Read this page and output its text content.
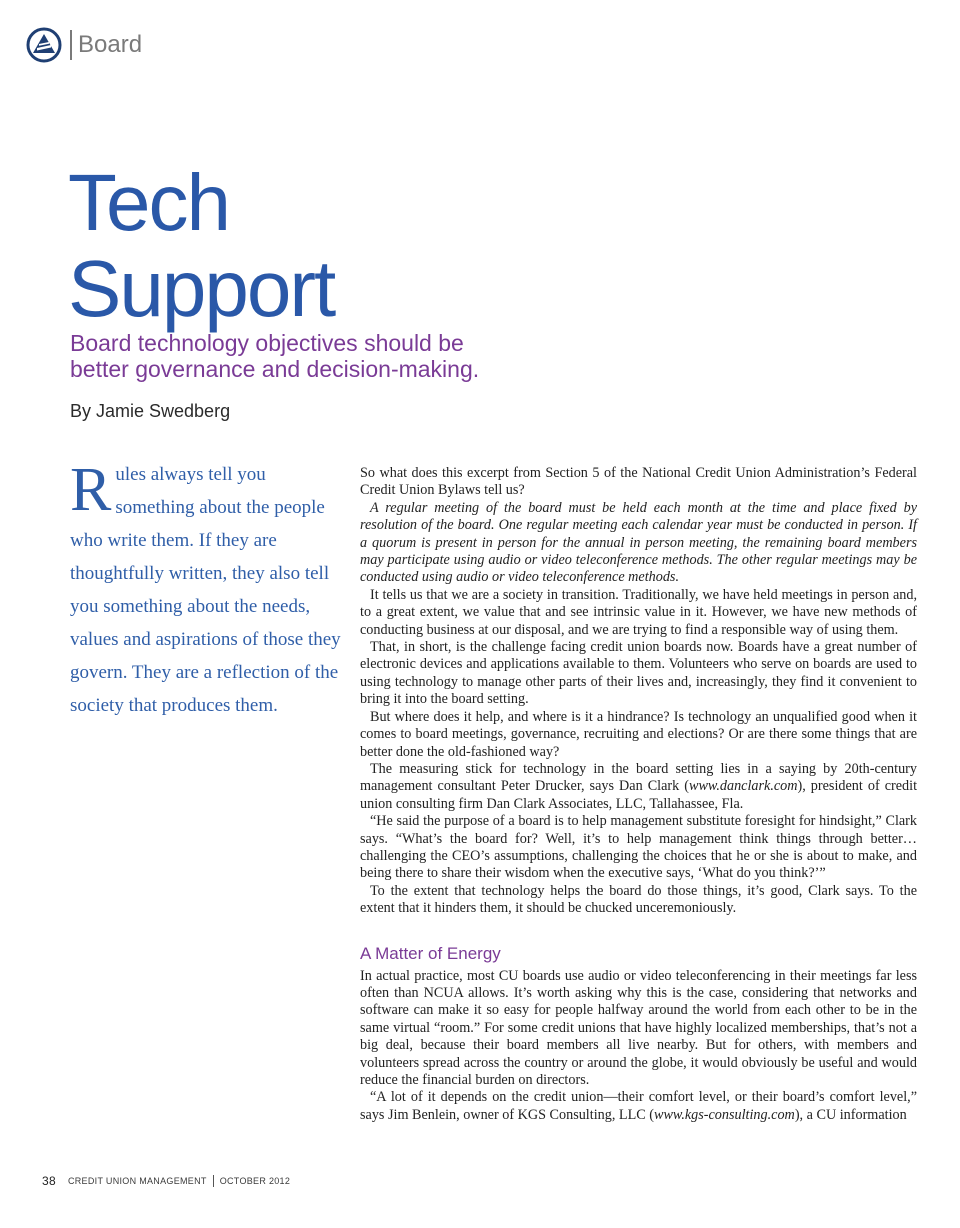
Board
Tech
Support
Board technology objectives should be
better governance and decision-making.

By Jamie Swedberg

Rules always tell you something about the people who write them. If they are thoughtfully written, they also tell you something about the needs, values and aspirations of those they govern. They are a reflection of the society that produces them.

So what does this excerpt from Section 5 of the National Credit Union Administration’s Federal Credit Union Bylaws tell us?

A regular meeting of the board must be held each month at the time and place fixed by resolution of the board. One regular meeting each calendar year must be conducted in person. If a quorum is present in person for the annual in person meeting, the remaining board members may participate using audio or video teleconference methods. The other regular meetings may be conducted using audio or video teleconference methods.

It tells us that we are a society in transition. Traditionally, we have held meetings in person and, to a great extent, we value that and see intrinsic value in it. However, we have new methods of conducting business at our disposal, and we are trying to find a responsible way of using them.

That, in short, is the challenge facing credit union boards now. Boards have a great number of electronic devices and applications available to them. Volunteers who serve on boards are used to using technology to manage other parts of their lives and, increasingly, they find it convenient to bring it into the board setting.

But where does it help, and where is it a hindrance? Is technology an unqualified good when it comes to board meetings, governance, recruiting and elections? Or are there some things that are better done the old-fashioned way?

The measuring stick for technology in the board setting lies in a saying by 20th-century management consultant Peter Drucker, says Dan Clark (www.danclark.com), president of credit union consulting firm Dan Clark Associates, LLC, Tallahassee, Fla.

“He said the purpose of a board is to help management substitute foresight for hindsight,” Clark says. “What’s the board for? Well, it’s to help management think things through better… challenging the CEO’s assumptions, challenging the choices that he or she is about to make, and being there to share their wisdom when the executive says, ‘What do you think?’”

To the extent that technology helps the board do those things, it’s good, Clark says. To the extent that it hinders them, it should be chucked unceremoniously.

A Matter of Energy

In actual practice, most CU boards use audio or video teleconferencing in their meetings far less often than NCUA allows. It’s worth asking why this is the case, considering that networks and software can make it so easy for people halfway around the world from each other to be in the same virtual “room.” For some credit unions that have highly localized memberships, that’s not a big deal, because their board members all live nearby. But for others, with members and volunteers spread across the country or around the globe, it would obviously be useful and would reduce the financial burden on directors.

“A lot of it depends on the credit union—their comfort level, or their board’s comfort level,” says Jim Benlein, owner of KGS Consulting, LLC (www.kgs-consulting.com), a CU information

38 CREDIT UNION MANAGEMENT OCTOBER 2012
